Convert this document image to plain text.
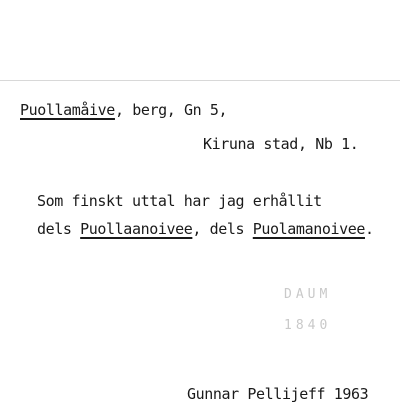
Puollamåive, berg, Gn 5,
Kiruna stad, Nb 1.
Som finskt uttal har jag erhållit
dels Puollaanoivee, dels Puolamanoivee.
DAUM
1840
Gunnar Pellijeff 1963
